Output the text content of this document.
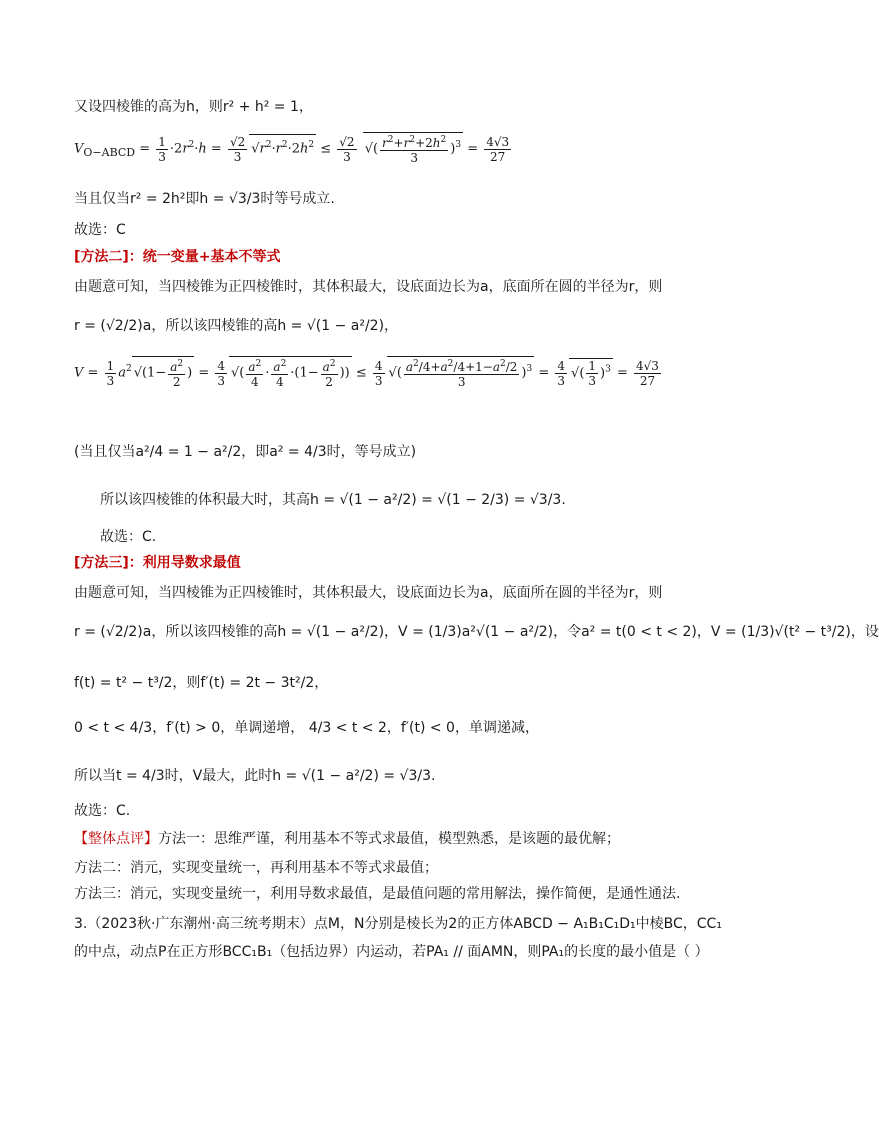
又设四棱锥的高为h，则r² + h² = 1，
$V_{O-ABCD} = \frac{1}{3} \cdot 2r^2\cdot h = \frac{√2}{3} √r^2\cdot r^2\cdot 2h^2 \le \frac{√2}{3}$ √( $\frac{r^2+r^2+2h^2}{3} )^3 = \frac{4√3}{27}$
当且仅当r² = 2h²即h = √3/3时等号成立.
故选：C
[方法二]：统一变量+基本不等式
由题意可知，当四棱锥为正四棱锥时，其体积最大，设底面边长为a，底面所在圆的半径为r，则
r = (√2/2)a，所以该四棱锥的高h = √(1 − a²/2)，
$V = \frac{1}{3} a^2$ $√(1- \frac{a^2}{2}$ ) = $\frac{4}{3}$ √( $\frac{a^2}{4} \cdot \frac{a^2}{4} \cdot(1- \frac{a^2}{2}$ )) ≤ $\frac{4}{3}$ √( $\frac{a^2/4+a^2/4+1-a^2/2}{3} )^3 = \frac{4}{3}$ √( $\frac{1}{3} )^3 = \frac{4√3}{27}$
(当且仅当a²/4 = 1 − a²/2，即a² = 4/3时，等号成立)
所以该四棱锥的体积最大时，其高h = √(1 − a²/2) = √(1 − 2/3) = √3/3.
故选：C.
[方法三]：利用导数求最值
由题意可知，当四棱锥为正四棱锥时，其体积最大，设底面边长为a，底面所在圆的半径为r，则
r = (√2/2)a，所以该四棱锥的高h = √(1 − a²/2)，V = (1/3)a²√(1 − a²/2)，令a² = t(0 < t < 2)，V = (1/3)√(t² − t³/2)，设
f(t) = t² − t³/2，则f′(t) = 2t − 3t²/2，
0 < t < 4/3，f′(t) > 0，单调递增， 4/3 < t < 2，f′(t) < 0，单调递减，
所以当t = 4/3时，V最大，此时h = √(1 − a²/2) = √3/3.
故选：C.
【整体点评】方法一：思维严谨，利用基本不等式求最值，模型熟悉，是该题的最优解；
方法二：消元，实现变量统一，再利用基本不等式求最值；
方法三：消元，实现变量统一，利用导数求最值，是最值问题的常用解法，操作简便，是通性通法.
3.（2023秋·广东潮州·高三统考期末）点M，N分别是棱长为2的正方体ABCD − A₁B₁C₁D₁中棱BC，CC₁
的中点，动点P在正方形BCC₁B₁（包括边界）内运动，若PA₁ // 面AMN，则PA₁的长度的最小值是（ ）
